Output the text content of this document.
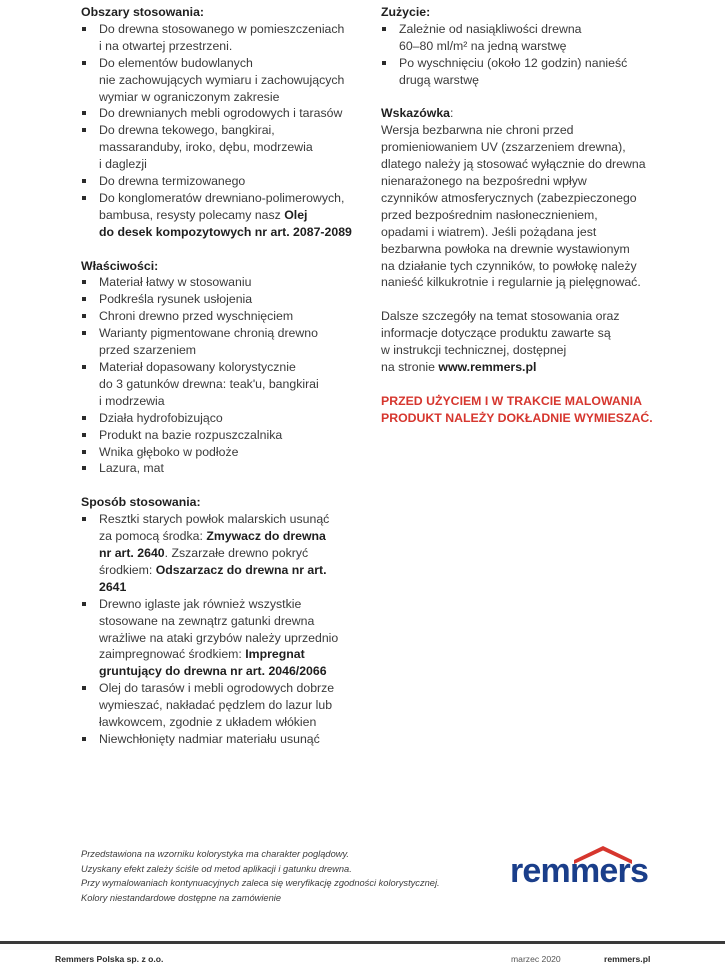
Obszary stosowania:
Do drewna stosowanego w pomieszczeniach
i na otwartej przestrzeni.
Do elementów budowlanych
nie zachowujących wymiaru i zachowujących
wymiar w ograniczonym zakresie
Do drewnianych mebli ogrodowych i tarasów
Do drewna tekowego, bangkirai,
massaranduby, iroko, dębu, modrzewia
i daglezji
Do drewna termizowanego
Do konglomeratów drewniano-polimerowych,
bambusa, resysty polecamy nasz Olej
do desek kompozytowych nr art. 2087-2089
Właściwości:
Materiał łatwy w stosowaniu
Podkreśla rysunek usłojenia
Chroni drewno przed wyschnięciem
Warianty pigmentowane chronią drewno
przed szarzeniem
Materiał dopasowany kolorystycznie
do 3 gatunków drewna: teak'u, bangkirai
i modrzewia
Działa hydrofobizująco
Produkt na bazie rozpuszczalnika
Wnika głęboko w podłoże
Lazura, mat
Sposób stosowania:
Resztki starych powłok malarskich usunąć
za pomocą środka: Zmywacz do drewna
nr art. 2640. Zszarzałe drewno pokryć
środkiem: Odszarzacz do drewna nr art. 2641
Drewno iglaste jak również wszystkie
stosowane na zewnątrz gatunki drewna
wrażliwe na ataki grzybów należy uprzednio
zaimpregnować środkiem: Impregnat
gruntujący do drewna nr art. 2046/2066
Olej do tarasów i mebli ogrodowych dobrze
wymieszać, nakładać pędzlem do lazur lub
ławkowcem, zgodnie z układem włókien
Niewchłonięty nadmiar materiału usunąć
Zużycie:
Zależnie od nasiąkliwości drewna
60–80 ml/m² na jedną warstwę
Po wyschnięciu (około 12 godzin) nanieść
drugą warstwę
Wskazówka:
Wersja bezbarwna nie chroni przed
promieniowaniem UV (zszarzeniem drewna),
dlatego należy ją stosować wyłącznie do drewna
nienarażonego na bezpośredni wpływ
czynników atmosferycznych (zabezpieczonego
przed bezpośrednim nasłonecznieniem,
opadami i wiatrem). Jeśli pożądana jest
bezbarwna powłoka na drewnie wystawionym
na działanie tych czynników, to powłokę należy
nanieść kilkukrotnie i regularnie ją pielęgnować.
Dalsze szczegóły na temat stosowania oraz
informacje dotyczące produktu zawarte są
w instrukcji technicznej, dostępnej
na stronie www.remmers.pl
PRZED UŻYCIEM I W TRAKCIE MALOWANIA
PRODUKT NALEŻY DOKŁADNIE WYMIESZAĆ.
Przedstawiona na wzorniku kolorystyka ma charakter poglądowy.
Uzyskany efekt zależy ściśle od metod aplikacji i gatunku drewna.
Przy wymalowaniach kontynuacyjnych zaleca się weryfikację zgodności kolorystycznej.
Kolory niestandardowe dostępne na zamówienie
remmers
Remmers Polska sp. z o.o.	marzec 2020	remmers.pl
